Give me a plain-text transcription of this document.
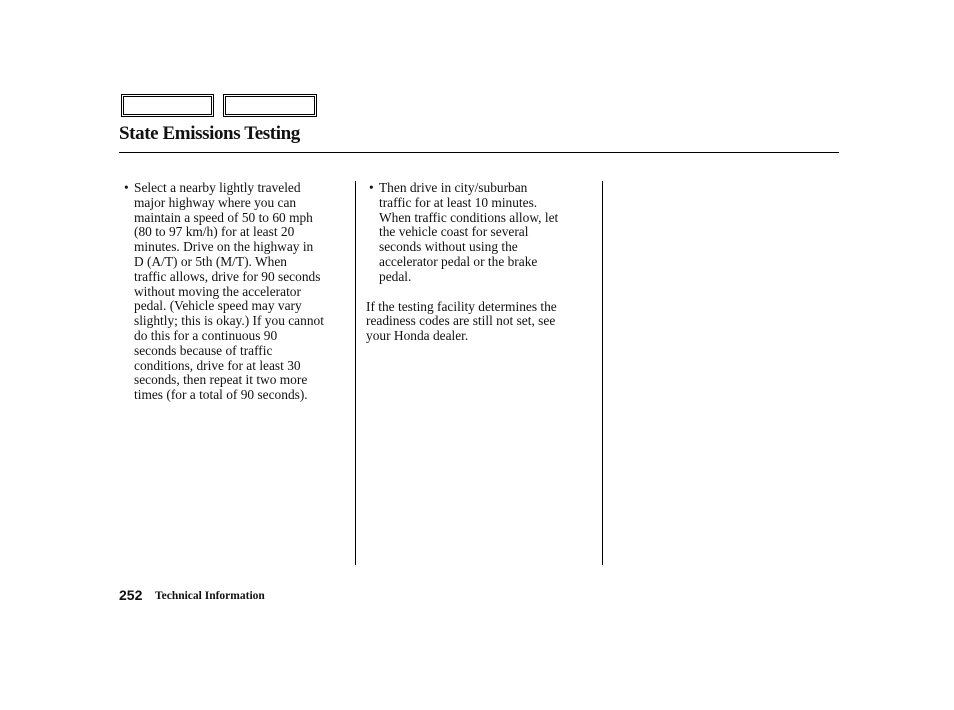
State Emissions Testing
• Select a nearby lightly traveled
major highway where you can
maintain a speed of 50 to 60 mph
(80 to 97 km/h) for at least 20
minutes. Drive on the highway in
D (A/T) or 5th (M/T). When
traffic allows, drive for 90 seconds
without moving the accelerator
pedal. (Vehicle speed may vary
slightly; this is okay.) If you cannot
do this for a continuous 90
seconds because of traffic
conditions, drive for at least 30
seconds, then repeat it two more
times (for a total of 90 seconds).
• Then drive in city/suburban
traffic for at least 10 minutes.
When traffic conditions allow, let
the vehicle coast for several
seconds without using the
accelerator pedal or the brake
pedal.
If the testing facility determines the
readiness codes are still not set, see
your Honda dealer.
252 Technical Information
